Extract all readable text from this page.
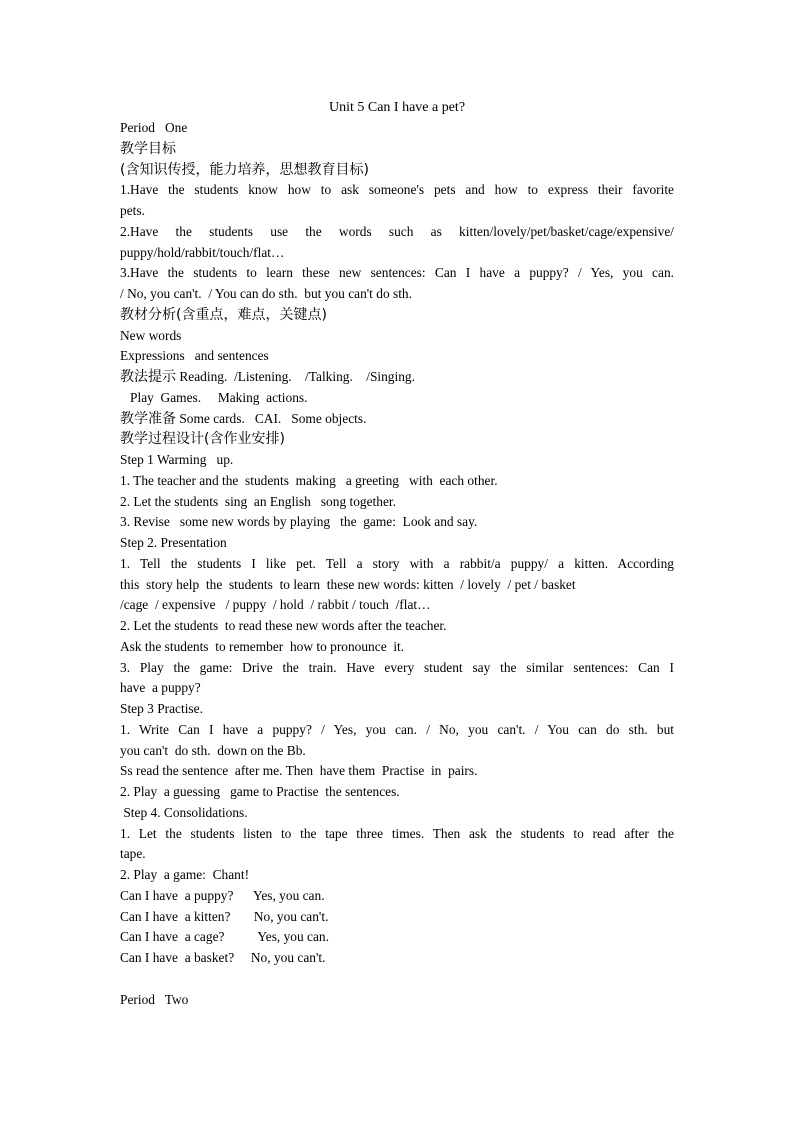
Unit 5 Can I have a pet?
Period   One
教学目标
(含知识传授，能力培养，思想教育目标)
1.Have the students know how to ask someone's pets and how to express their favorite
pets.
2.Have the students use the words such as kitten/lovely/pet/basket/cage/expensive/
puppy/hold/rabbit/touch/flat…
3.Have the students to learn these new sentences: Can I have a puppy? / Yes, you can.
/ No, you can't.  / You can do sth.  but you can't do sth.
教材分析(含重点，难点，关键点)
New words
Expressions   and sentences
教法提示 Reading.  /Listening.    /Talking.    /Singing.
Play  Games.     Making  actions.
教学准备 Some cards.   CAI.   Some objects.
教学过程设计(含作业安排)
Step 1 Warming   up.
1. The teacher and the  students  making   a greeting   with  each other.
2. Let the students  sing  an English   song together.
3. Revise   some new words by playing   the  game:  Look and say.
Step 2. Presentation
1. Tell the students I like pet. Tell a story with a rabbit/a puppy/ a kitten. According
this  story help  the  students  to learn  these new words: kitten  / lovely  / pet / basket
/cage  / expensive   / puppy  / hold  / rabbit / touch  /flat…
2. Let the students  to read these new words after the teacher.
Ask the students  to remember  how to pronounce  it.
3. Play the game: Drive the train. Have every student say the similar sentences: Can I
have  a puppy?
Step 3 Practise.
1. Write Can I have a puppy? / Yes, you can. / No, you can't. / You can do sth. but
you can't  do sth.  down on the Bb.
Ss read the sentence  after me. Then  have them  Practise  in  pairs.
2. Play  a guessing   game to Practise  the sentences.
Step 4. Consolidations.
1. Let the students listen to the tape three times. Then ask the students to read after the
tape.
2. Play  a game:  Chant!
Can I have  a puppy?      Yes, you can.
Can I have  a kitten?       No, you can't.
Can I have  a cage?          Yes, you can.
Can I have  a basket?     No, you can't.
Period   Two
